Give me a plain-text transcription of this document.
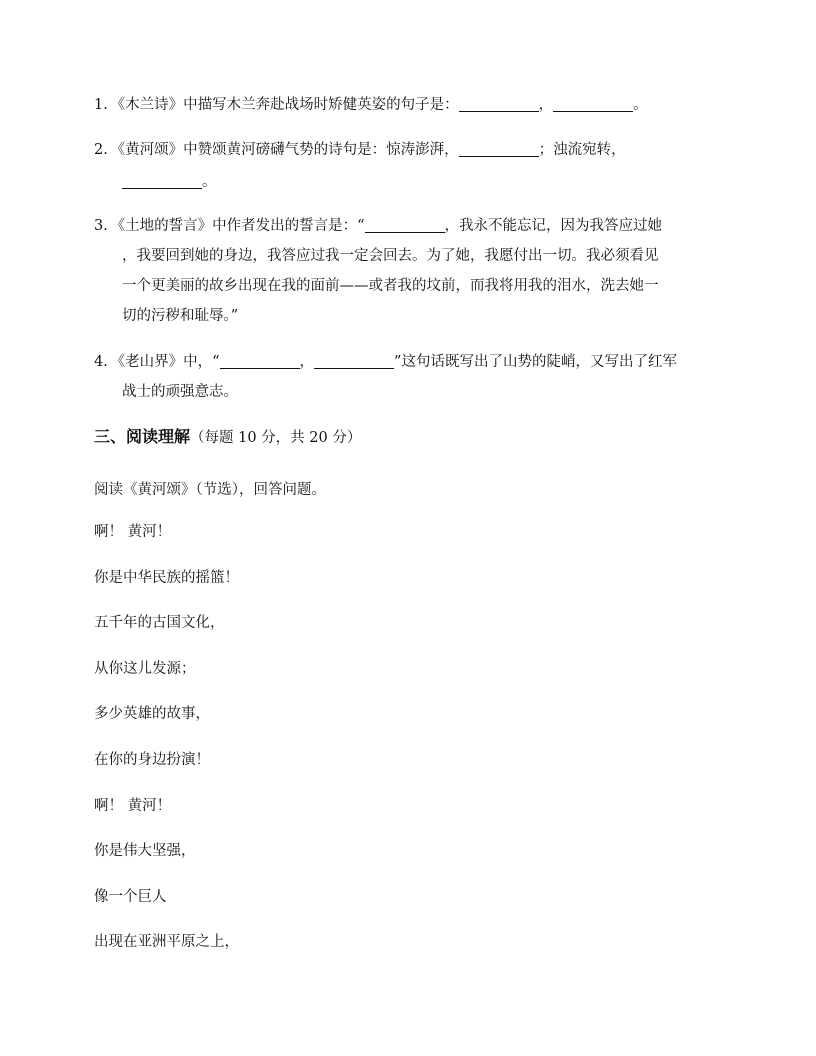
1. 《木兰诗》中描写木兰奔赴战场时矫健英姿的句子是：	，	。
2. 《黄河颂》中赞颂黄河磅礴气势的诗句是：惊涛澎湃，	；浊流宛转，
。
3. 《土地的誓言》中作者发出的誓言是：“	，我永不能忘记，因为我答应过她
，我要回到她的身边，我答应过我一定会回去。为了她，我愿付出一切。我必须看见
一个更美丽的故乡出现在我的面前——或者我的坟前，而我将用我的泪水，洗去她一
切的污秽和耻辱。”
4. 《老山界》中，“	，	”这句话既写出了山势的陡峭，又写出了红军
战士的顽强意志。
三、阅读理解（每题 10 分，共 20 分）
阅读《黄河颂》（节选），回答问题。
啊！ 黄河！
你是中华民族的摇篮！
五千年的古国文化，
从你这儿发源；
多少英雄的故事，
在你的身边扮演！
啊！ 黄河！
你是伟大坚强，
像一个巨人
出现在亚洲平原之上，
